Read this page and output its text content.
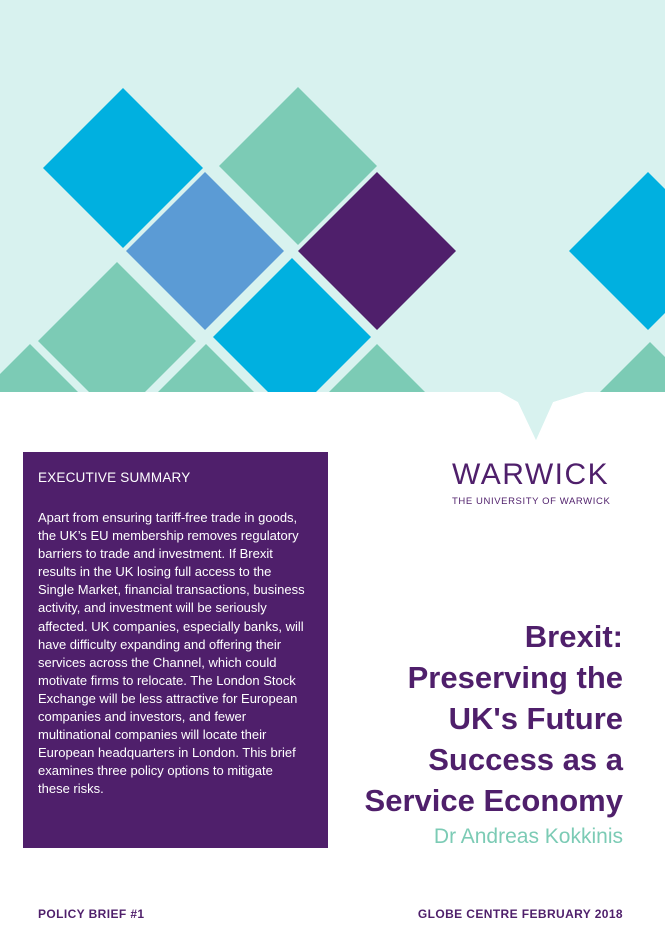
EXECUTIVE SUMMARY

Apart from ensuring tariff-free trade in goods, the UK’s EU membership removes regulatory barriers to trade and investment. If Brexit results in the UK losing full access to the Single Market, financial transactions, business activity, and investment will be seriously affected. UK companies, especially banks, will have difficulty expanding and offering their services across the Channel, which could motivate firms to relocate. The London Stock Exchange will be less attractive for European companies and investors, and fewer multinational companies will locate their European headquarters in London. This brief examines three policy options to mitigate these risks.

WARWICK
THE UNIVERSITY OF WARWICK
Brexit:
Preserving the
UK's Future
Success as a
Service Economy

Dr Andreas Kokkinis

POLICY BRIEF #1	GLOBE CENTRE FEBRUARY 2018
